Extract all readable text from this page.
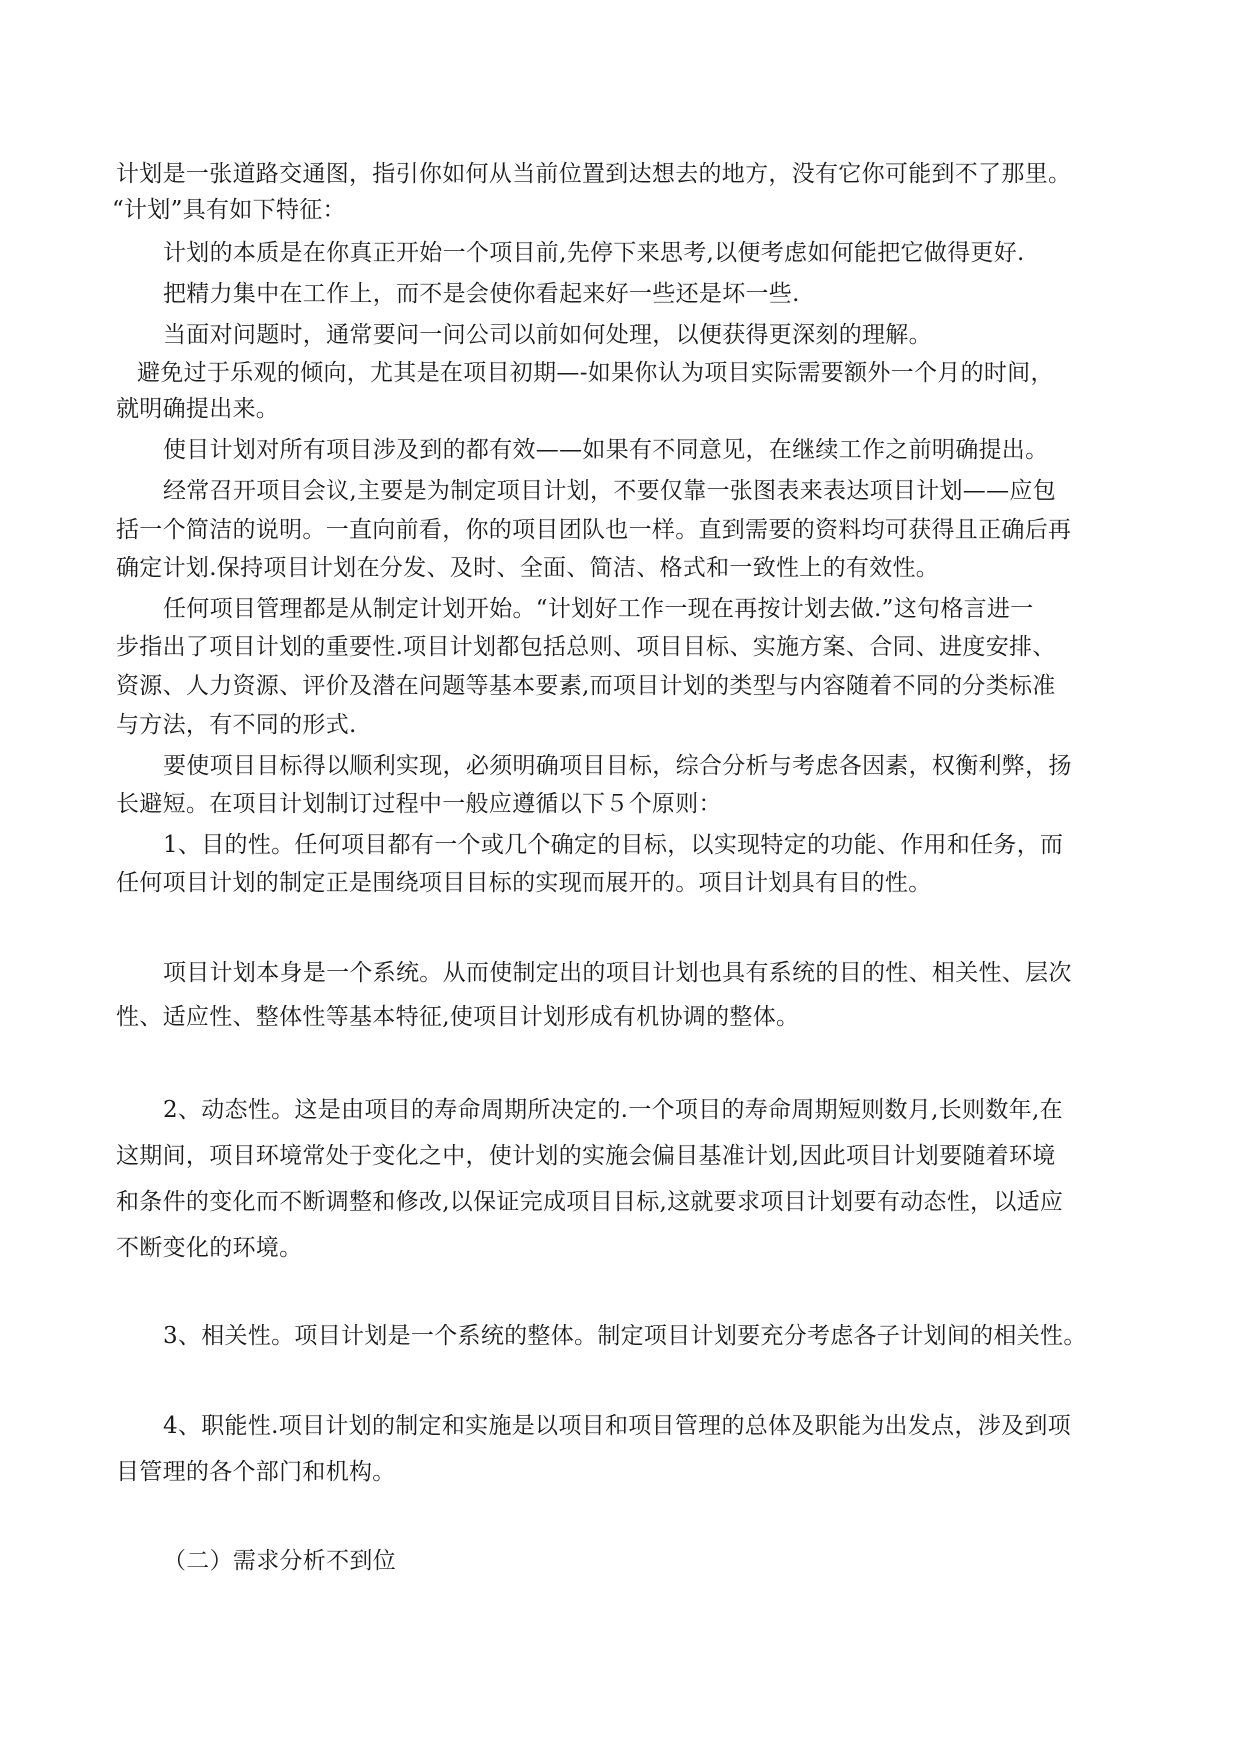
计划是一张道路交通图，指引你如何从当前位置到达想去的地方，没有它你可能到不了那里。

“计划”具有如下特征：

计划的本质是在你真正开始一个项目前,先停下来思考,以便考虑如何能把它做得更好.

把精力集中在工作上，而不是会使你看起来好一些还是坏一些.

当面对问题时，通常要问一问公司以前如何处理，以便获得更深刻的理解。

避免过于乐观的倾向，尤其是在项目初期—-如果你认为项目实际需要额外一个月的时间，

就明确提出来。

使目计划对所有项目涉及到的都有效——如果有不同意见，在继续工作之前明确提出。

经常召开项目会议,主要是为制定项目计划，不要仅靠一张图表来表达项目计划——应包

括一个简洁的说明。一直向前看，你的项目团队也一样。直到需要的资料均可获得且正确后再

确定计划.保持项目计划在分发、及时、全面、简洁、格式和一致性上的有效性。

任何项目管理都是从制定计划开始。“计划好工作一现在再按计划去做.”这句格言进一

步指出了项目计划的重要性.项目计划都包括总则、项目目标、实施方案、合同、进度安排、

资源、人力资源、评价及潜在问题等基本要素,而项目计划的类型与内容随着不同的分类标准

与方法，有不同的形式.

要使项目目标得以顺利实现，必须明确项目目标，综合分析与考虑各因素，权衡利弊，扬

长避短。在项目计划制订过程中一般应遵循以下５个原则：

1、目的性。任何项目都有一个或几个确定的目标，以实现特定的功能、作用和任务，而

任何项目计划的制定正是围绕项目目标的实现而展开的。项目计划具有目的性。

项目计划本身是一个系统。从而使制定出的项目计划也具有系统的目的性、相关性、层次

性、适应性、整体性等基本特征,使项目计划形成有机协调的整体。

2、动态性。这是由项目的寿命周期所决定的.一个项目的寿命周期短则数月,长则数年,在

这期间，项目环境常处于变化之中，使计划的实施会偏目基准计划,因此项目计划要随着环境

和条件的变化而不断调整和修改,以保证完成项目目标,这就要求项目计划要有动态性，以适应

不断变化的环境。

3、相关性。项目计划是一个系统的整体。制定项目计划要充分考虑各子计划间的相关性。

4、职能性.项目计划的制定和实施是以项目和项目管理的总体及职能为出发点，涉及到项

目管理的各个部门和机构。

（二）需求分析不到位
